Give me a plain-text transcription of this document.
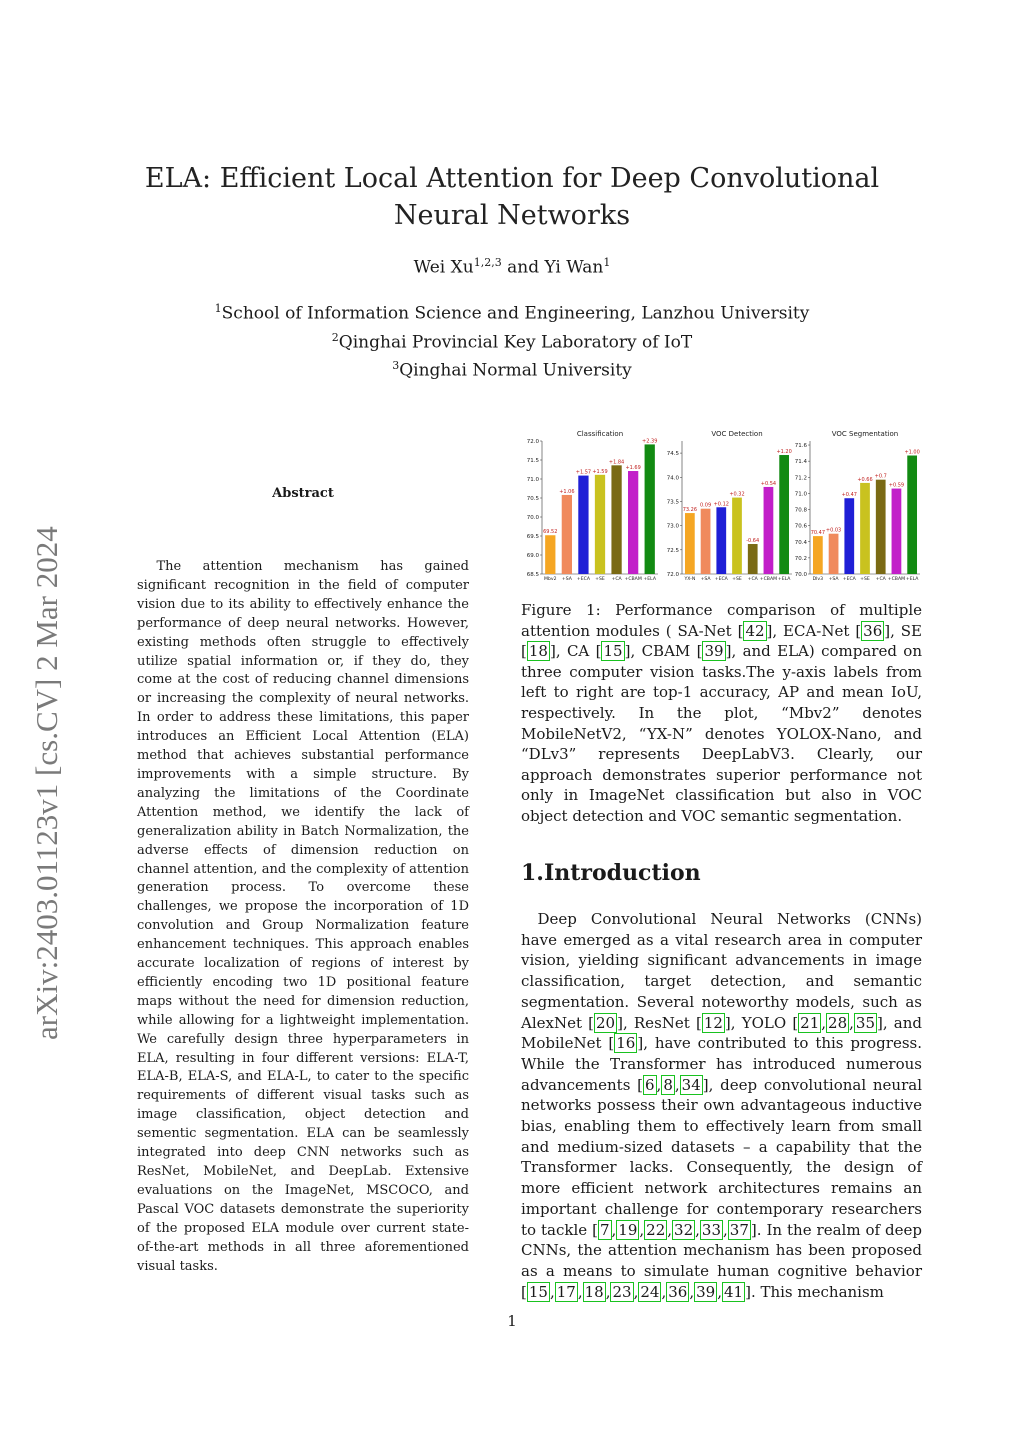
ELA: Efficient Local Attention for Deep Convolutional Neural Networks
Wei Xu$^{1,2,3}$ and Yi Wan$^1$
$^1$School of Information Science and Engineering, Lanzhou University
$^2$Qinghai Provincial Key Laboratory of IoT
$^3$Qinghai Normal University
arXiv:2403.01123v1 [cs.CV] 2 Mar 2024
Abstract
The attention mechanism has gained significant recognition in the field of computer vision due to its ability to effectively enhance the performance of deep neural networks. However, existing methods often struggle to effectively utilize spatial information or, if they do, they come at the cost of reducing channel dimensions or increasing the complexity of neural networks. In order to address these limitations, this paper introduces an Efficient Local Attention (ELA) method that achieves substantial performance improvements with a simple structure. By analyzing the limitations of the Coordinate Attention method, we identify the lack of generalization ability in Batch Normalization, the adverse effects of dimension reduction on channel attention, and the complexity of attention generation process. To overcome these challenges, we propose the incorporation of 1D convolution and Group Normalization feature enhancement techniques. This approach enables accurate localization of regions of interest by efficiently encoding two 1D positional feature maps without the need for dimension reduction, while allowing for a lightweight implementation. We carefully design three hyperparameters in ELA, resulting in four different versions: ELA-T, ELA-B, ELA-S, and ELA-L, to cater to the specific requirements of different visual tasks such as image classification, object detection and sementic segmentation. ELA can be seamlessly integrated into deep CNN networks such as ResNet, MobileNet, and DeepLab. Extensive evaluations on the ImageNet, MSCOCO, and Pascal VOC datasets demonstrate the superiority of the proposed ELA module over current state-of-the-art methods in all three aforementioned visual tasks.
Classification
68.5
69.0
69.5
70.0
70.5
71.0
71.5
72.0
69.52
Mbv2
+1.06
+SA
+1.57
+ECA
+1.59
+SE
+1.84
+CA
+1.69
+CBAM
+2.39
+ELA
VOC Detection
72.0
72.5
73.0
73.5
74.0
74.5
73.26
YX-N
0.09
+SA
+0.12
+ECA
+0.32
+SE
-0.64
+CA
+0.54
+CBAM
+1.20
+ELA
VOC Segmentation
70.0
70.2
70.4
70.6
70.8
71.0
71.2
71.4
71.6
70.47
Dlv3
+0.03
+SA
+0.47
+ECA
+0.66
+SE
+0.7
+CA
+0.59
+CBAM
+1.00
+ELA
Figure 1: Performance comparison of multiple attention modules ( SA-Net [ 42 ], ECA-Net [ 36 ], SE [ 18 ], CA [ 15 ], CBAM [ 39 ], and ELA) compared on three computer vision tasks.The y-axis labels from left to right are top-1 accuracy, AP and mean IoU, respectively. In the plot, “Mbv2” denotes MobileNetV2, “YX-N” denotes YOLOX-Nano, and “DLv3” represents DeepLabV3. Clearly, our approach demonstrates superior performance not only in ImageNet classification but also in VOC object detection and VOC semantic segmentation.
1.Introduction
Deep Convolutional Neural Networks (CNNs) have emerged as a vital research area in computer vision, yielding significant advancements in image classification, target detection, and semantic segmentation. Several noteworthy models, such as AlexNet [ 20 ], ResNet [ 12 ], YOLO [ 21 , 28 , 35 ], and MobileNet [ 16 ], have contributed to this progress. While the Transformer has introduced numerous advancements [ 6 , 8 , 34 ], deep convolutional neural networks possess their own advantageous inductive bias, enabling them to effectively learn from small and medium-sized datasets – a capability that the Transformer lacks. Consequently, the design of more efficient network architectures remains an important challenge for contemporary researchers to tackle [ 7 , 19 , 22 , 32 , 33 , 37 ]. In the realm of deep CNNs, the attention mechanism has been proposed as a means to simulate human cognitive behavior [ 15 , 17 , 18 , 23 , 24 , 36 , 39 , 41 ]. This mechanism
1
